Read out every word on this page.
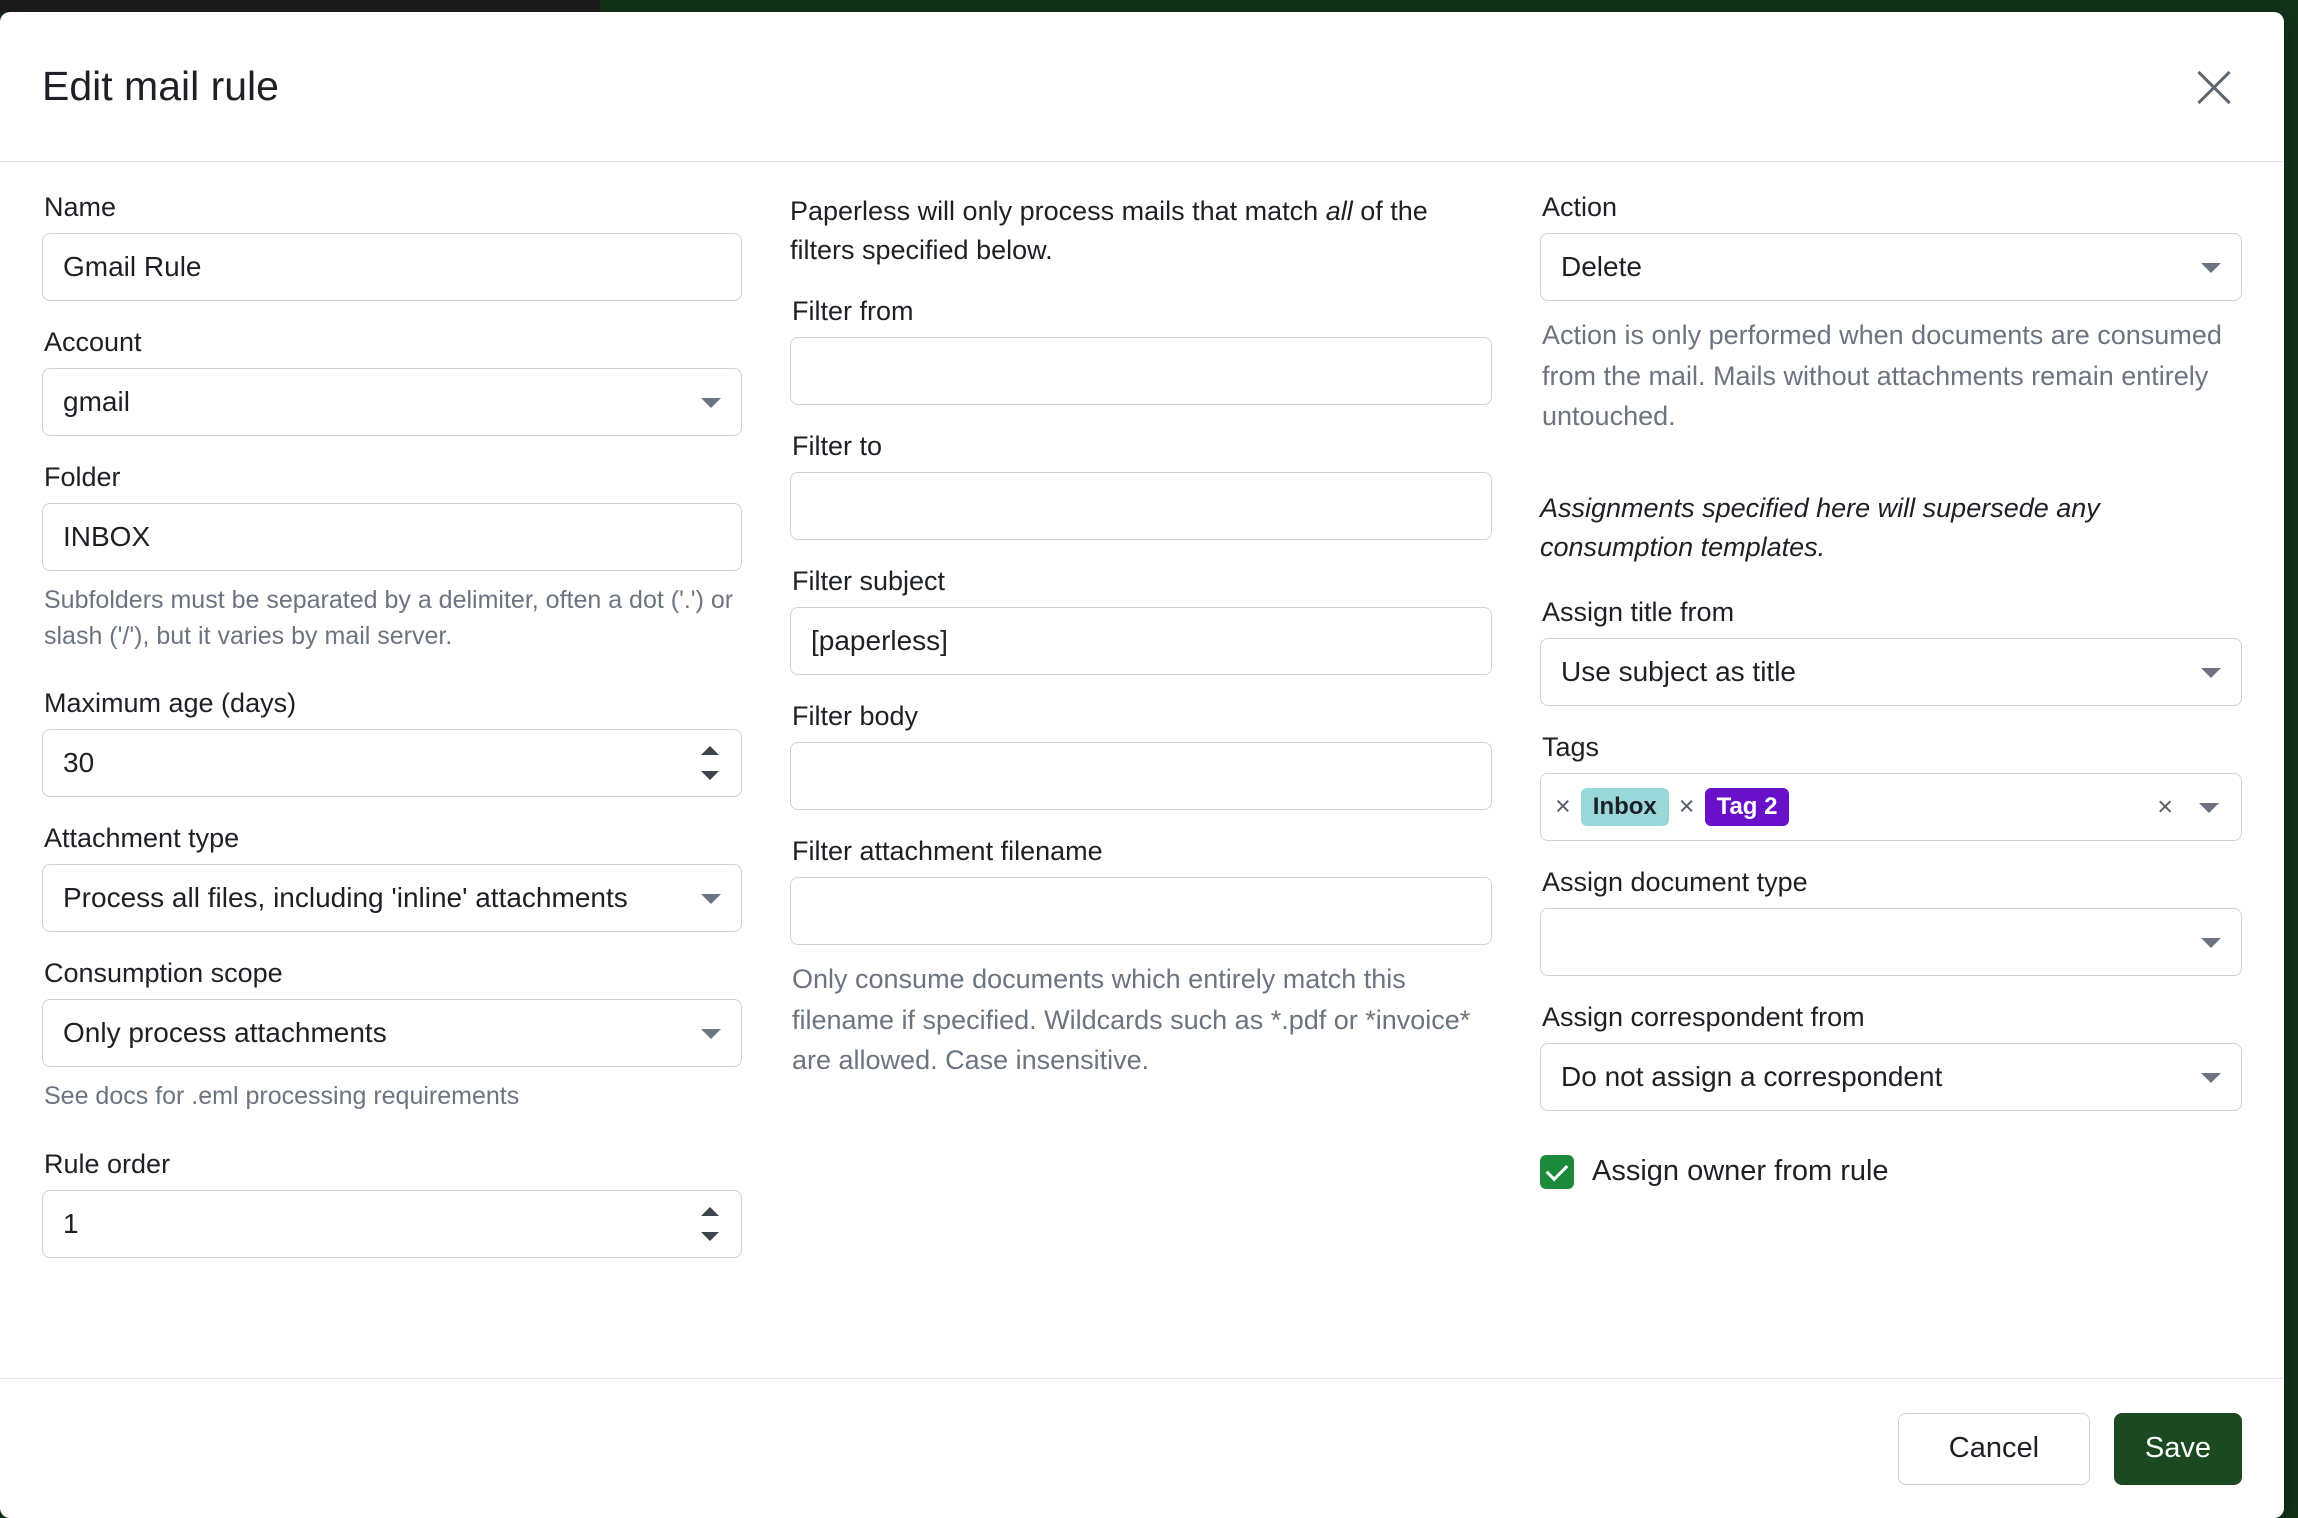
Edit mail rule
Name
Gmail Rule
Account
gmail
Folder
INBOX
Subfolders must be separated by a delimiter, often a dot ('.') or slash ('/'), but it varies by mail server.
Maximum age (days)
30
Attachment type
Process all files, including 'inline' attachments
Consumption scope
Only process attachments
See docs for .eml processing requirements
Rule order
1
Paperless will only process mails that match all of the filters specified below.
Filter from
Filter to
Filter subject
[paperless]
Filter body
Filter attachment filename
Only consume documents which entirely match this filename if specified. Wildcards such as *.pdf or *invoice* are allowed. Case insensitive.
Action
Delete
Action is only performed when documents are consumed from the mail. Mails without attachments remain entirely untouched.
Assignments specified here will supersede any consumption templates.
Assign title from
Use subject as title
Tags
× Inbox × Tag 2	×
Assign document type
Assign correspondent from
Do not assign a correspondent
Assign owner from rule
Cancel	Save
